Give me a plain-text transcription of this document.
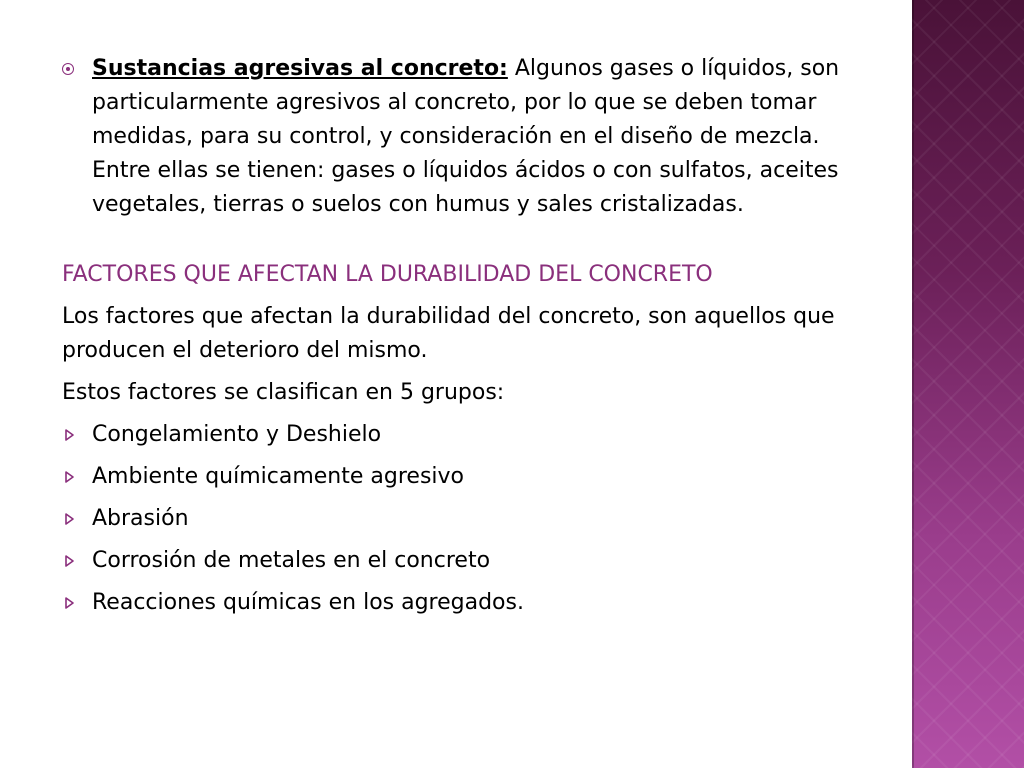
Sustancias agresivas al concreto: Algunos gases o líquidos, son particularmente agresivos al concreto, por lo que se deben tomar medidas, para su control, y consideración en el diseño de mezcla. Entre ellas se tienen: gases o líquidos ácidos o con sulfatos, aceites vegetales, tierras o suelos con humus y sales cristalizadas.
FACTORES QUE AFECTAN LA DURABILIDAD DEL CONCRETO
Los factores que afectan la durabilidad del concreto, son aquellos que producen el deterioro del mismo.
Estos factores se clasifican en 5 grupos:
Congelamiento y Deshielo
Ambiente químicamente agresivo
Abrasión
Corrosión de metales en el concreto
Reacciones químicas en los agregados.
